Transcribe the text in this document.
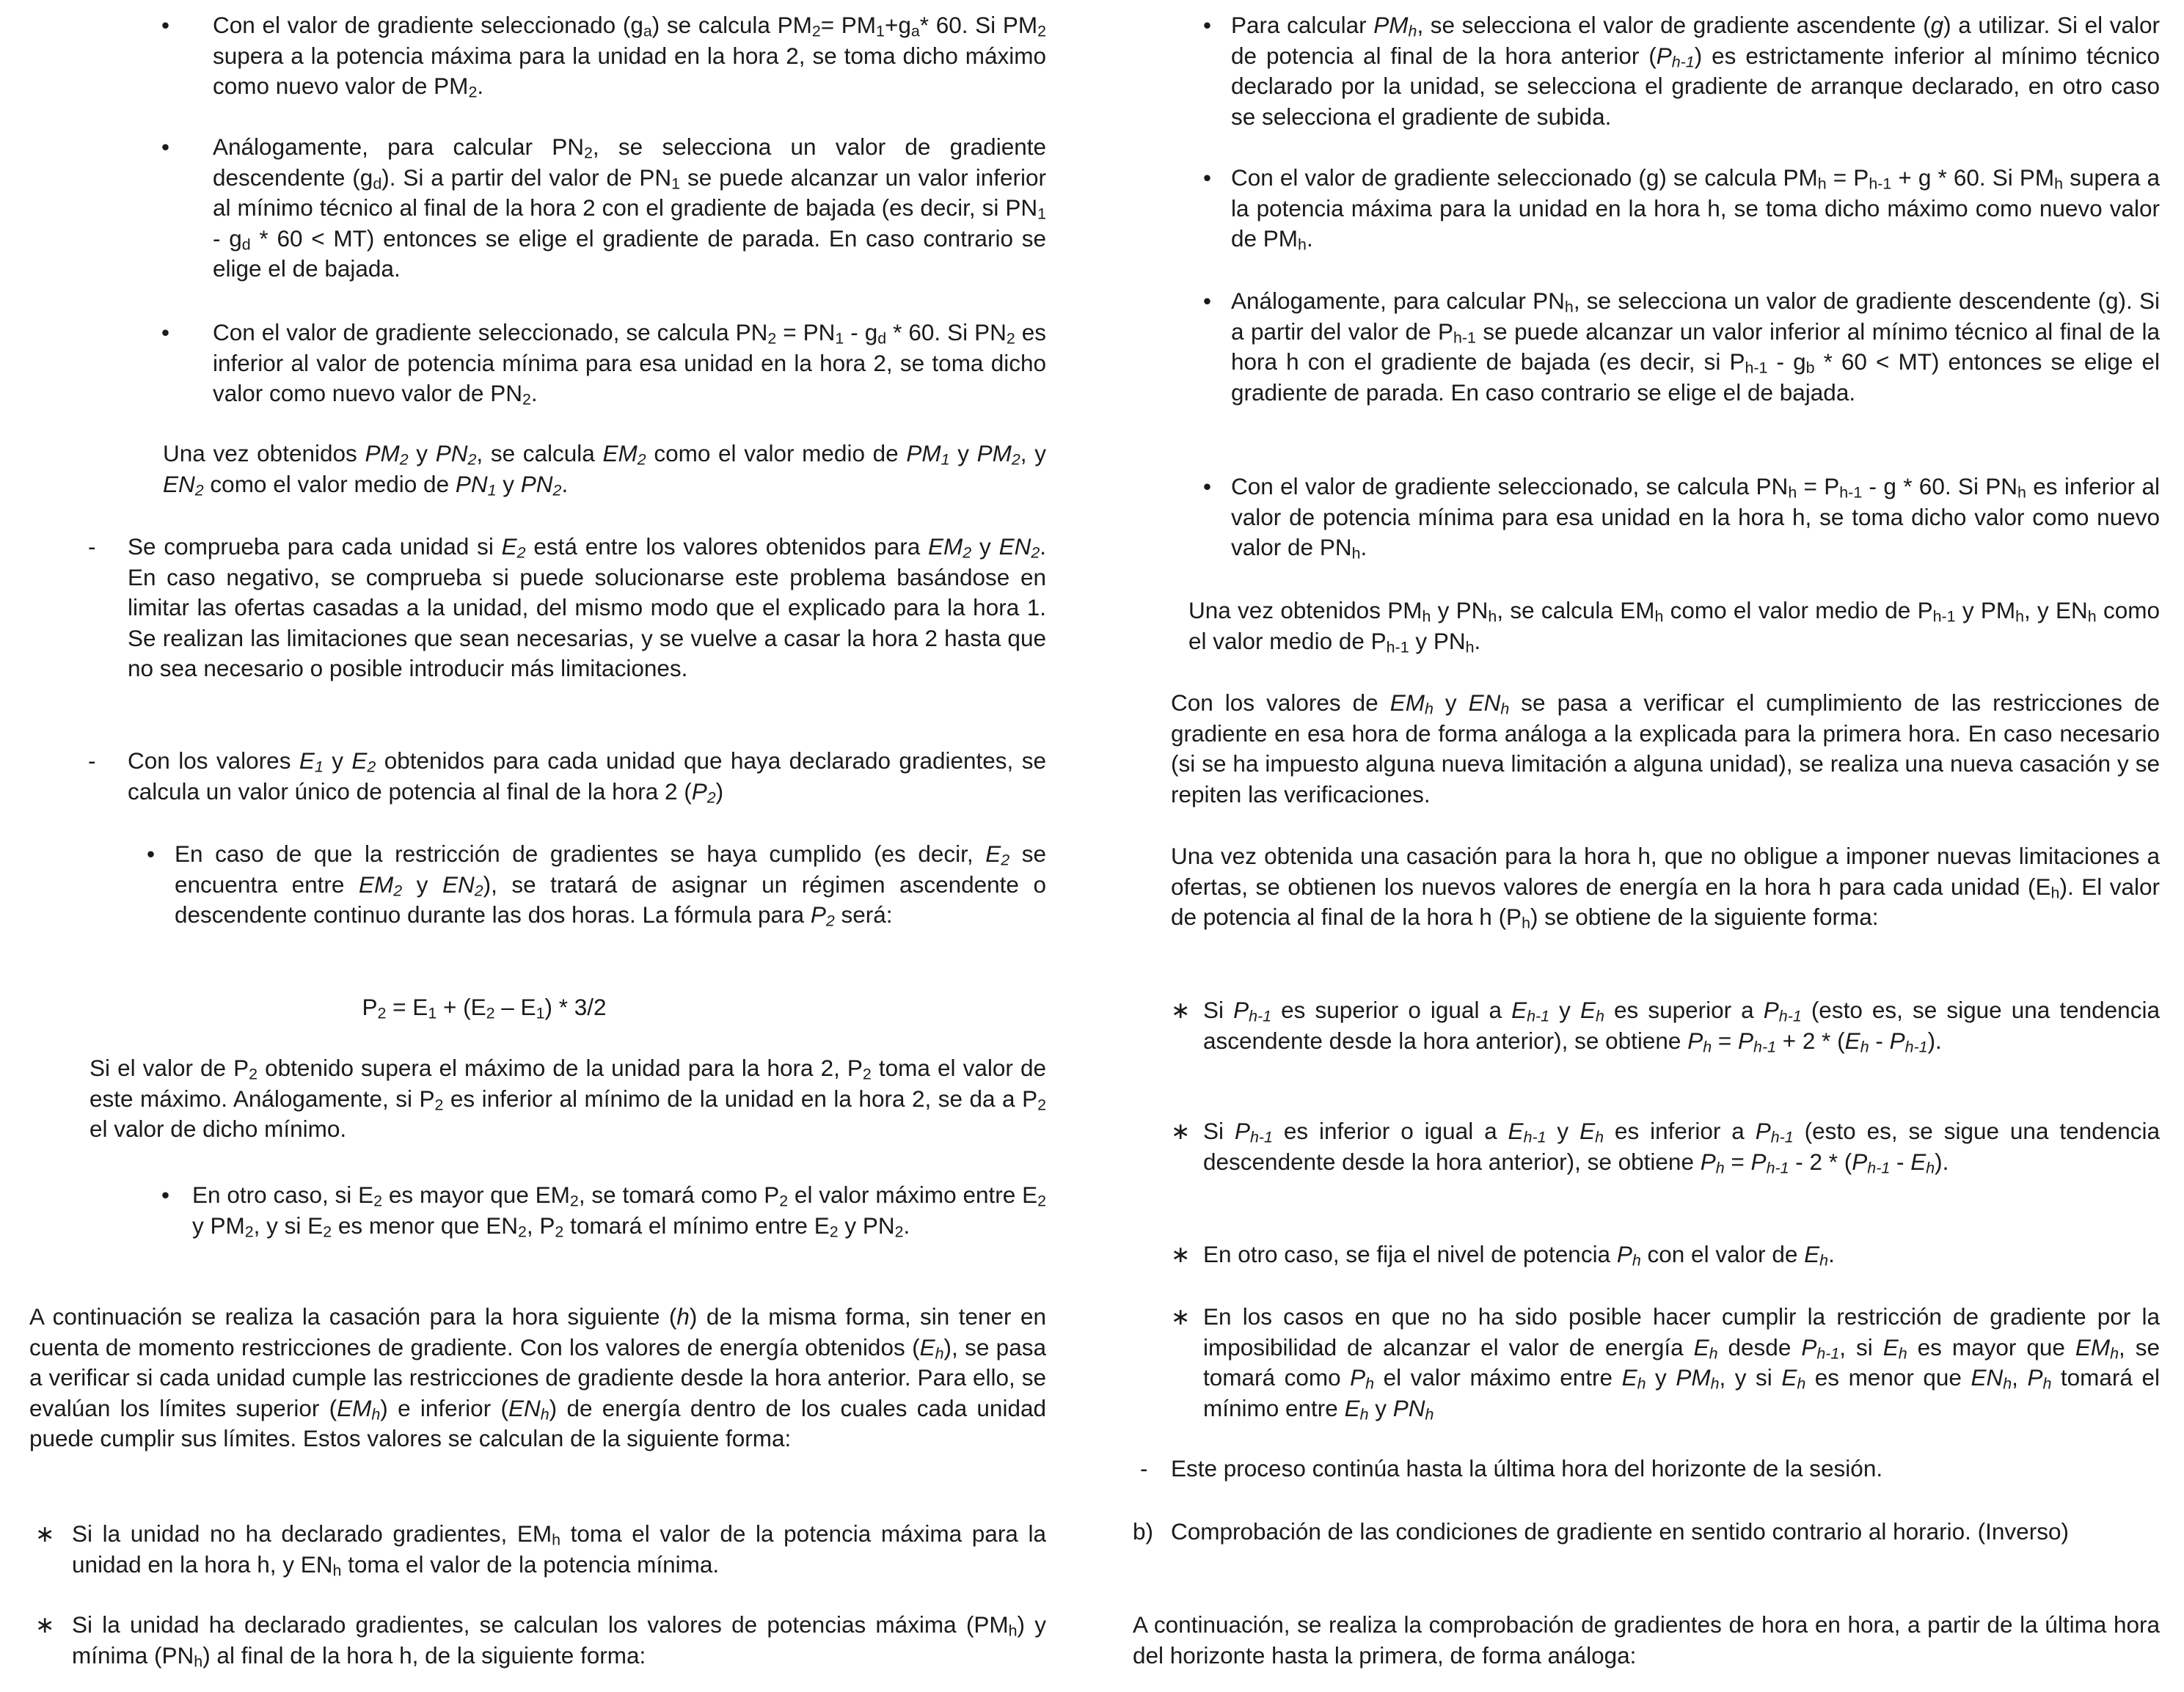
•	Con el valor de gradiente seleccionado $(g_a)$ se calcula $PM_2= PM_1+g_a*$ 60. Si $PM_2$ supera a la potencia máxima para la unidad en la hora 2, se toma dicho máximo como nuevo valor de $PM_2$.

•	Análogamente, para calcular $PN_2$, se selecciona un valor de gradiente descendente $(g_d)$. Si a partir del valor de $PN_1$ se puede alcanzar un valor inferior al mínimo técnico al final de la hora 2 con el gradiente de bajada (es decir, si $PN_1 - g_d * 60 < MT$) entonces se elige el gradiente de parada. En caso contrario se elige el de bajada.

•	Con el valor de gradiente seleccionado, se calcula $PN_2 = PN_1 - g_d * 60$. Si $PN_2$ es inferior al valor de potencia mínima para esa unidad en la hora 2, se toma dicho valor como nuevo valor de $PN_2$.

Una vez obtenidos $PM_2$ y $PN_2$, se calcula $EM_2$ como el valor medio de $PM_1$ y $PM_2$, y $EN_2$ como el valor medio de $PN_1$ y $PN_2$.

-	Se comprueba para cada unidad si $E_2$ está entre los valores obtenidos para $EM_2$ y $EN_2$. En caso negativo, se comprueba si puede solucionarse este problema basándose en limitar las ofertas casadas a la unidad, del mismo modo que el explicado para la hora 1. Se realizan las limitaciones que sean necesarias, y se vuelve a casar la hora 2 hasta que no sea necesario o posible introducir más limitaciones.

-	Con los valores $E_1$ y $E_2$ obtenidos para cada unidad que haya declarado gradientes, se calcula un valor único de potencia al final de la hora 2 $(P_2)$

• En caso de que la restricción de gradientes se haya cumplido (es decir, $E_2$ se encuentra entre $EM_2$ y $EN_2$), se tratará de asignar un régimen ascendente o descendente continuo durante las dos horas. La fórmula para $P_2$ será:

$P_2 = E_1 + (E_2 - E_1) * 3/2$

Si el valor de $P_2$ obtenido supera el máximo de la unidad para la hora 2, $P_2$ toma el valor de este máximo. Análogamente, si $P_2$ es inferior al mínimo de la unidad en la hora 2, se da a $P_2$ el valor de dicho mínimo.

• En otro caso, si $E_2$ es mayor que $EM_2$, se tomará como $P_2$ el valor máximo entre $E_2$ y $PM_2$, y si $E_2$ es menor que $EN_2$, $P_2$ tomará el mínimo entre $E_2$ y $PN_2$.

A continuación se realiza la casación para la hora siguiente (h) de la misma forma, sin tener en cuenta de momento restricciones de gradiente. Con los valores de energía obtenidos $(E_h)$, se pasa a verificar si cada unidad cumple las restricciones de gradiente desde la hora anterior. Para ello, se evalúan los límites superior $(EM_h)$ e inferior $(EN_h)$ de energía dentro de los cuales cada unidad puede cumplir sus límites. Estos valores se calculan de la siguiente forma:

∗ Si la unidad no ha declarado gradientes, $EM_h$ toma el valor de la potencia máxima para la unidad en la hora h, y $EN_h$ toma el valor de la potencia mínima.

∗ Si la unidad ha declarado gradientes, se calculan los valores de potencias máxima $(PM_h)$ y mínima $(PN_h)$ al final de la hora h, de la siguiente forma:

• Para calcular $PM_h$, se selecciona el valor de gradiente ascendente (g) a utilizar. Si el valor de potencia al final de la hora anterior $(P_{h-1})$ es estrictamente inferior al mínimo técnico declarado por la unidad, se selecciona el gradiente de arranque declarado, en otro caso se selecciona el gradiente de subida.

• Con el valor de gradiente seleccionado (g) se calcula $PM_h = P_{h-1} + g * 60$. Si $PM_h$ supera a la potencia máxima para la unidad en la hora h, se toma dicho máximo como nuevo valor de $PM_h$.

• Análogamente, para calcular $PN_h$, se selecciona un valor de gradiente descendente (g). Si a partir del valor de $P_{h-1}$ se puede alcanzar un valor inferior al mínimo técnico al final de la hora h con el gradiente de bajada (es decir, si $P_{h-1} - g_b * 60 < MT$) entonces se elige el gradiente de parada. En caso contrario se elige el de bajada.

• Con el valor de gradiente seleccionado, se calcula $PN_h = P_{h-1} - g * 60$. Si $PN_h$ es inferior al valor de potencia mínima para esa unidad en la hora h, se toma dicho valor como nuevo valor de $PN_h$.

Una vez obtenidos $PM_h$ y $PN_h$, se calcula $EM_h$ como el valor medio de $P_{h-1}$ y $PM_h$, y $EN_h$ como el valor medio de $P_{h-1}$ y $PN_h$.

Con los valores de $EM_h$ y $EN_h$ se pasa a verificar el cumplimiento de las restricciones de gradiente en esa hora de forma análoga a la explicada para la primera hora. En caso necesario (si se ha impuesto alguna nueva limitación a alguna unidad), se realiza una nueva casación y se repiten las verificaciones.

Una vez obtenida una casación para la hora h, que no obligue a imponer nuevas limitaciones a ofertas, se obtienen los nuevos valores de energía en la hora h para cada unidad $(E_h)$. El valor de potencia al final de la hora h $(P_h)$ se obtiene de la siguiente forma:

∗ Si $P_{h-1}$ es superior o igual a $E_{h-1}$ y $E_h$ es superior a $P_{h-1}$ (esto es, se sigue una tendencia ascendente desde la hora anterior), se obtiene $P_h = P_{h-1} + 2 * (E_h - P_{h-1})$.

∗ Si $P_{h-1}$ es inferior o igual a $E_{h-1}$ y $E_h$ es inferior a $P_{h-1}$ (esto es, se sigue una tendencia descendente desde la hora anterior), se obtiene $P_h = P_{h-1} - 2 * (P_{h-1} - E_h)$.

∗ En otro caso, se fija el nivel de potencia $P_h$ con el valor de $E_h$.

∗ En los casos en que no ha sido posible hacer cumplir la restricción de gradiente por la imposibilidad de alcanzar el valor de energía $E_h$ desde $P_{h-1}$, si $E_h$ es mayor que $EM_h$, se tomará como $P_h$ el valor máximo entre $E_h$ y $PM_h$, y si $E_h$ es menor que $EN_h$, $P_h$ tomará el mínimo entre $E_h$ y $PN_h$

-	Este proceso continúa hasta la última hora del horizonte de la sesión.

b) Comprobación de las condiciones de gradiente en sentido contrario al horario. (Inverso)

A continuación, se realiza la comprobación de gradientes de hora en hora, a partir de la última hora del horizonte hasta la primera, de forma análoga:
